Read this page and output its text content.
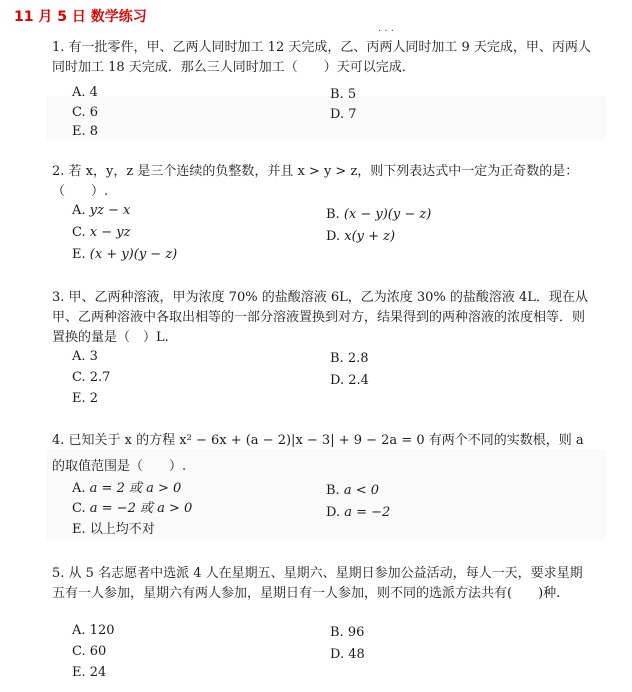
11 月 5 日 数学练习
· · ·

1. 有一批零件，甲、乙两人同时加工 12 天完成，乙、丙两人同时加工 9 天完成，甲、丙两人同时加工 18 天完成．那么三人同时加工（　　）天可以完成．

A. 4	B. 5
C. 6	D. 7
E. 8

2. 若 x，y，z 是三个连续的负整数，并且 x > y > z，则下列表达式中一定为正奇数的是：（　　）.

A. yz − x	B. (x − y)(y − z)
C. x − yz	D. x(y + z)
E. (x + y)(y − z)

3. 甲、乙两种溶液，甲为浓度 70% 的盐酸溶液 6L，乙为浓度 30% 的盐酸溶液 4L．现在从甲、乙两种溶液中各取出相等的一部分溶液置换到对方，结果得到的两种溶液的浓度相等．则置换的量是（　）L.

A. 3	B. 2.8
C. 2.7	D. 2.4
E. 2

4. 已知关于 x 的方程 x² − 6x + (a − 2)|x − 3| + 9 − 2a = 0 有两个不同的实数根，则 a 的取值范围是（　　）.

A. a = 2 或 a > 0	B. a < 0
C. a = −2 或 a > 0	D. a = −2
E. 以上均不对

5. 从 5 名志愿者中选派 4 人在星期五、星期六、星期日参加公益活动，每人一天，要求星期五有一人参加，星期六有两人参加，星期日有一人参加，则不同的选派方法共有(　　)种.

A. 120	B. 96
C. 60	D. 48
E. 24
